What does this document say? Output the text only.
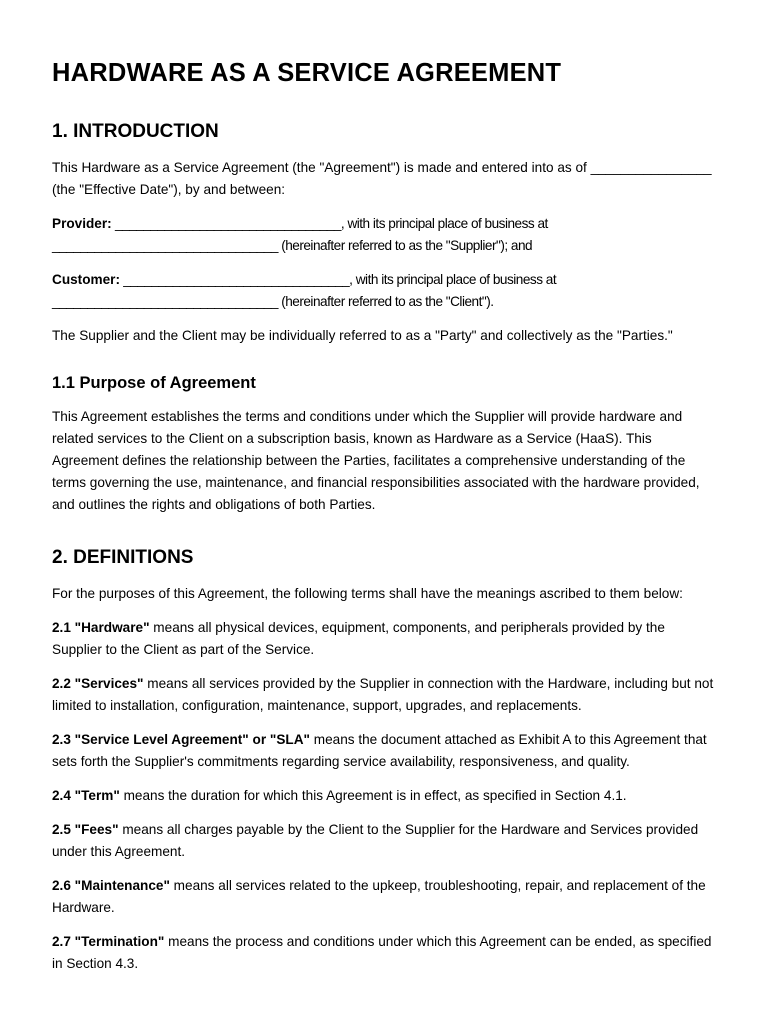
HARDWARE AS A SERVICE AGREEMENT
1. INTRODUCTION

This Hardware as a Service Agreement (the "Agreement") is made and entered into as of ________________ (the "Effective Date"), by and between:

Provider: ________________________________, with its principal place of business at ________________________________ (hereinafter referred to as the "Supplier"); and

Customer: ________________________________, with its principal place of business at ________________________________ (hereinafter referred to as the "Client").

The Supplier and the Client may be individually referred to as a "Party" and collectively as the "Parties."

1.1 Purpose of Agreement

This Agreement establishes the terms and conditions under which the Supplier will provide hardware and related services to the Client on a subscription basis, known as Hardware as a Service (HaaS). This Agreement defines the relationship between the Parties, facilitates a comprehensive understanding of the terms governing the use, maintenance, and financial responsibilities associated with the hardware provided, and outlines the rights and obligations of both Parties.

2. DEFINITIONS

For the purposes of this Agreement, the following terms shall have the meanings ascribed to them below:

2.1 "Hardware" means all physical devices, equipment, components, and peripherals provided by the Supplier to the Client as part of the Service.

2.2 "Services" means all services provided by the Supplier in connection with the Hardware, including but not limited to installation, configuration, maintenance, support, upgrades, and replacements.

2.3 "Service Level Agreement" or "SLA" means the document attached as Exhibit A to this Agreement that sets forth the Supplier's commitments regarding service availability, responsiveness, and quality.

2.4 "Term" means the duration for which this Agreement is in effect, as specified in Section 4.1.

2.5 "Fees" means all charges payable by the Client to the Supplier for the Hardware and Services provided under this Agreement.

2.6 "Maintenance" means all services related to the upkeep, troubleshooting, repair, and replacement of the Hardware.

2.7 "Termination" means the process and conditions under which this Agreement can be ended, as specified in Section 4.3.
